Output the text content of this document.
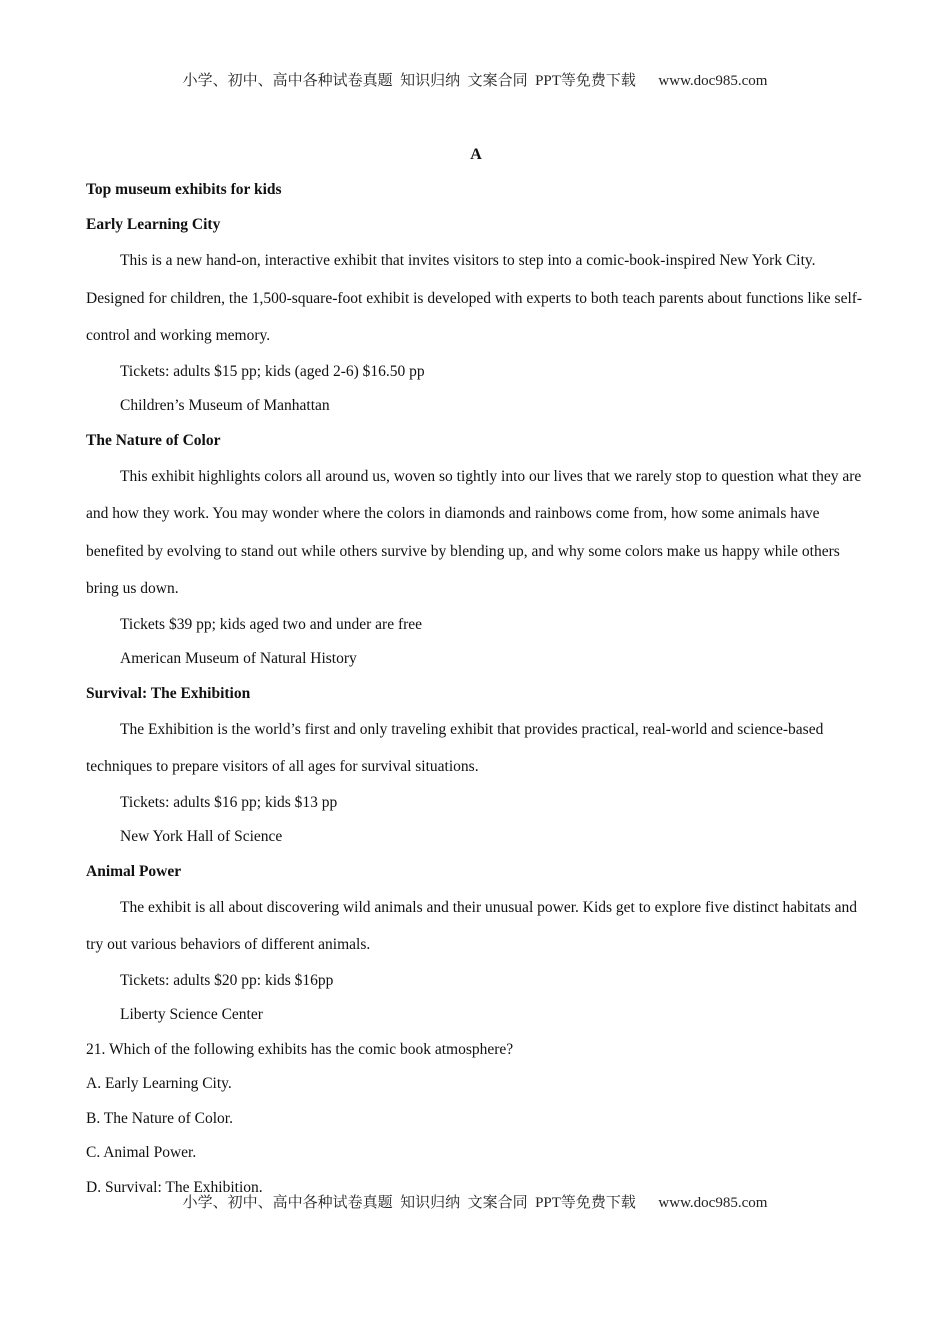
小学、初中、高中各种试卷真题  知识归纳  文案合同  PPT等免费下载      www.doc985.com
A
Top museum exhibits for kids
Early Learning City
This is a new hand-on, interactive exhibit that invites visitors to step into a comic-book-inspired New York City. Designed for children, the 1,500-square-foot exhibit is developed with experts to both teach parents about functions like self-control and working memory.
Tickets: adults $15 pp; kids (aged 2-6) $16.50 pp
Children’s Museum of Manhattan
The Nature of Color
This exhibit highlights colors all around us, woven so tightly into our lives that we rarely stop to question what they are and how they work. You may wonder where the colors in diamonds and rainbows come from, how some animals have benefited by evolving to stand out while others survive by blending up, and why some colors make us happy while others bring us down.
Tickets $39 pp; kids aged two and under are free
American Museum of Natural History
Survival: The Exhibition
The Exhibition is the world’s first and only traveling exhibit that provides practical, real-world and science-based techniques to prepare visitors of all ages for survival situations.
Tickets: adults $16 pp; kids $13 pp
New York Hall of Science
Animal Power
The exhibit is all about discovering wild animals and their unusual power. Kids get to explore five distinct habitats and try out various behaviors of different animals.
Tickets: adults $20 pp: kids $16pp
Liberty Science Center
21. Which of the following exhibits has the comic book atmosphere?
A. Early Learning City.
B. The Nature of Color.
C. Animal Power.
D. Survival: The Exhibition.
小学、初中、高中各种试卷真题  知识归纳  文案合同  PPT等免费下载      www.doc985.com
